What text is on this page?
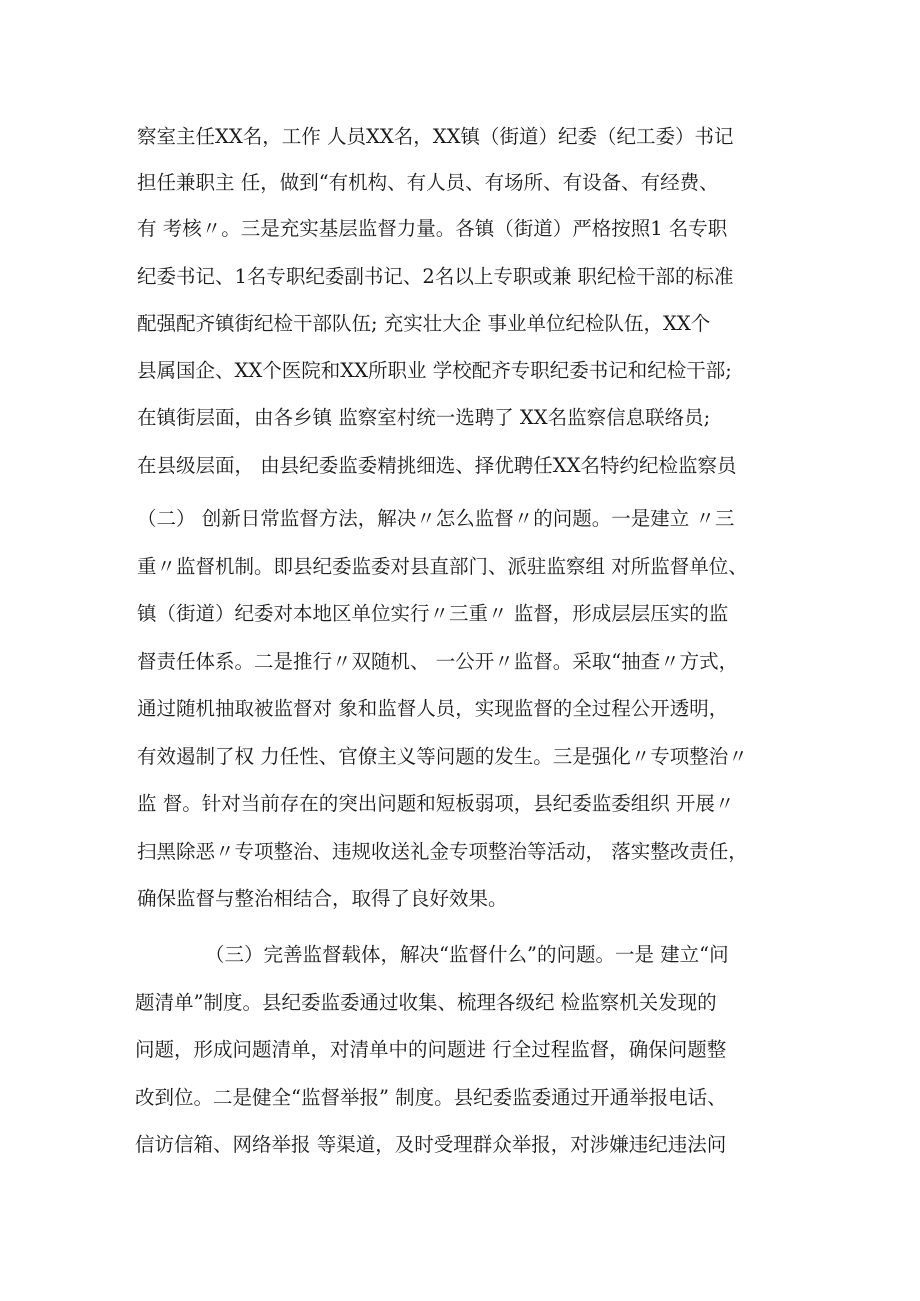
察室主任XX名，工作 人员XX名，XX镇（街道）纪委（纪工委）书记
担任兼职主 任，做到“有机构、有人员、有场所、有设备、有经费、
有 考核〃。三是充实基层监督力量。各镇（街道）严格按照1 名专职
纪委书记、1名专职纪委副书记、2名以上专职或兼 职纪检干部的标准
配强配齐镇街纪检干部队伍; 充实壮大企 事业单位纪检队伍，XX个
县属国企、XX个医院和XX所职业 学校配齐专职纪委书记和纪检干部;
在镇街层面，由各乡镇 监察室村统一选聘了 XX名监察信息联络员;
在县级层面， 由县纪委监委精挑细选、择优聘任XX名特约纪检监察员
（二） 创新日常监督方法，解决〃怎么监督〃的问题。一是建立 〃三
重〃监督机制。即县纪委监委对县直部门、派驻监察组 对所监督单位、
镇（街道）纪委对本地区单位实行〃三重〃 监督，形成层层压实的监
督责任体系。二是推行〃双随机、 一公开〃监督。采取“抽查〃方式，
通过随机抽取被监督对 象和监督人员，实现监督的全过程公开透明，
有效遏制了权 力任性、官僚主义等问题的发生。三是强化〃专项整治〃
监 督。针对当前存在的突出问题和短板弱项，县纪委监委组织 开展〃
扫黑除恶〃专项整治、违规收送礼金专项整治等活动， 落实整改责任，
确保监督与整治相结合，取得了良好效果。
（三）完善监督载体，解决“监督什么”的问题。一是 建立“问
题清单”制度。县纪委监委通过收集、梳理各级纪 检监察机关发现的
问题，形成问题清单，对清单中的问题进 行全过程监督，确保问题整
改到位。二是健全“监督举报” 制度。县纪委监委通过开通举报电话、
信访信箱、网络举报 等渠道，及时受理群众举报，对涉嫌违纪违法问
